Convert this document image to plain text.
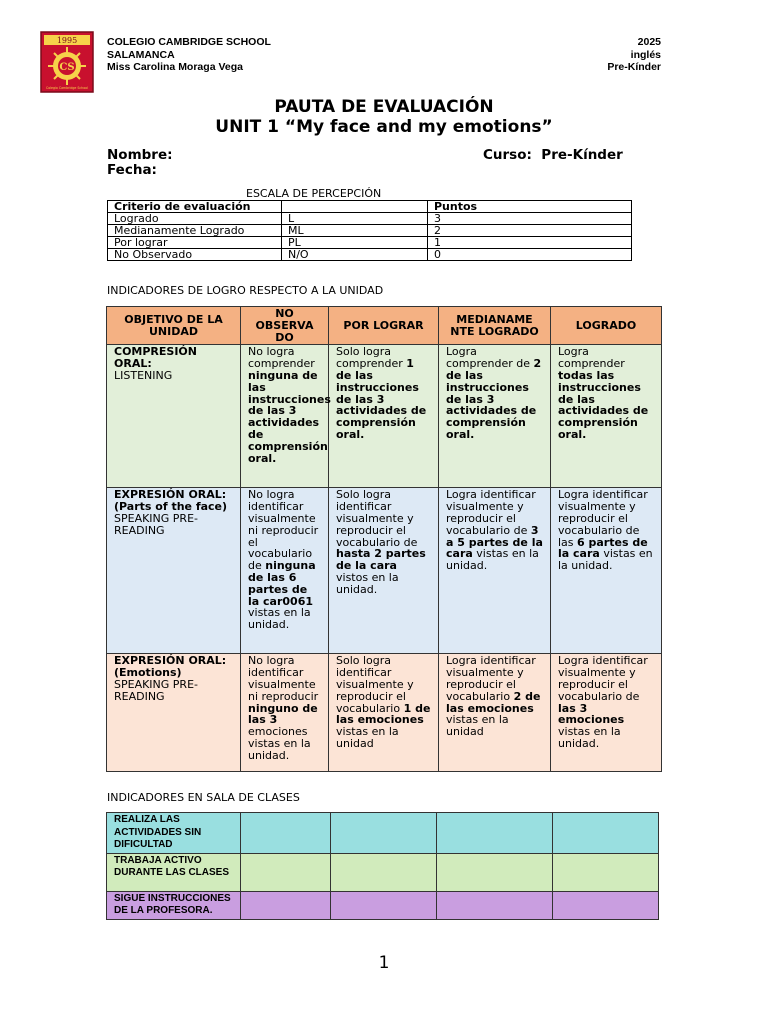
1995
CS
Colegio Cambridge School
COLEGIO CAMBRIDGE SCHOOL
SALAMANCA
Miss Carolina Moraga Vega
2025
inglés
Pre-Kínder
PAUTA DE EVALUACIÓN
UNIT 1 “My face and my emotions”
Nombre:
Fecha:
Curso: Pre-Kínder
ESCALA DE PERCEPCIÓN
Criterio de evaluación		Puntos
Logrado	L	3
Medianamente Logrado	ML	2
Por lograr	PL	1
No Observado	N/O	0
INDICADORES DE LOGRO RESPECTO A LA UNIDAD
OBJETIVO DE LA UNIDAD	NO OBSERVA DO	POR LOGRAR	MEDIANAME NTE LOGRADO	LOGRADO
COMPRESIÓN ORAL:
LISTENING	No logra comprender ninguna de las instrucciones de las 3 actividades de comprensión oral.	Solo logra comprender 1 de las instrucciones de las 3 actividades de comprensión oral.	Logra comprender de 2 de las instrucciones de las 3 actividades de comprensión oral.	Logra comprender todas las instrucciones de las actividades de comprensión oral.
EXPRESIÓN ORAL: (Parts of the face)
SPEAKING PRE-READING	No logra identificar visualmente ni reproducir el vocabulario de ninguna de las 6 partes de la car0061 vistas en la unidad.	Solo logra identificar visualmente y reproducir el vocabulario de hasta 2 partes de la cara vistos en la unidad.	Logra identificar visualmente y reproducir el vocabulario de 3 a 5 partes de la cara vistas en la unidad.	Logra identificar visualmente y reproducir el vocabulario de las 6 partes de la cara vistas en la unidad.
EXPRESIÓN ORAL: (Emotions)
SPEAKING PRE-READING	No logra identificar visualmente ni reproducir ninguno de las 3 emociones vistas en la unidad.	Solo logra identificar visualmente y reproducir el vocabulario 1 de las emociones vistas en la unidad	Logra identificar visualmente y reproducir el vocabulario 2 de las emociones vistas en la unidad	Logra identificar visualmente y reproducir el vocabulario de las 3 emociones vistas en la unidad.
INDICADORES EN SALA DE CLASES
REALIZA LAS ACTIVIDADES SIN DIFICULTAD				
TRABAJA ACTIVO DURANTE LAS CLASES				
SIGUE INSTRUCCIONES DE LA PROFESORA.				
1
